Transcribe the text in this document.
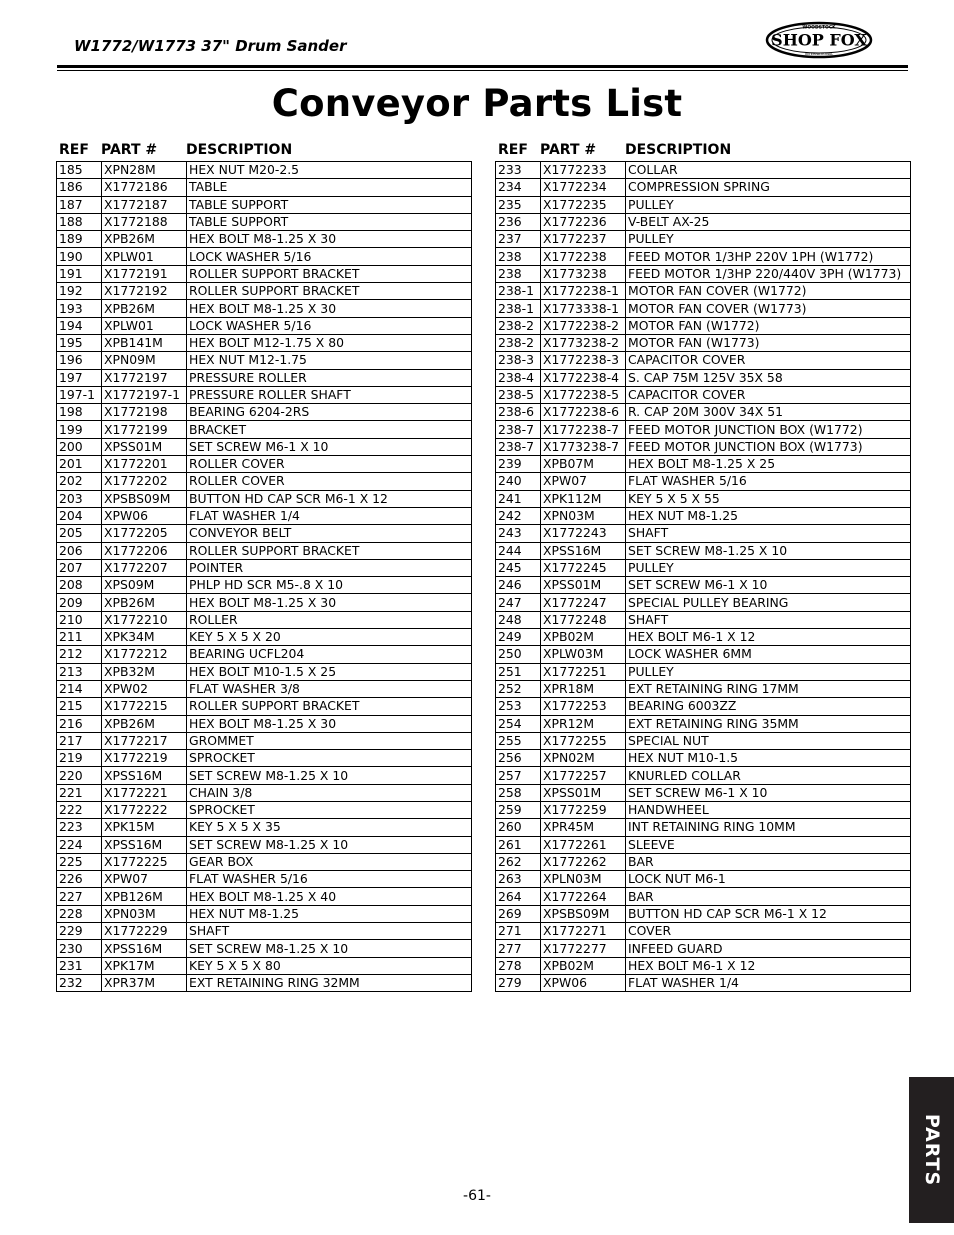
W1772/W1773 37" Drum Sander
WOODSTOCK
SHOP FOX
INTERNATIONAL
Conveyor Parts List
REF PART #	DESCRIPTION
185	XPN28M	HEX NUT M20-2.5
186	X1772186	TABLE
187	X1772187	TABLE SUPPORT
188	X1772188	TABLE SUPPORT
189	XPB26M	HEX BOLT M8-1.25 X 30
190	XPLW01	LOCK WASHER 5/16
191	X1772191	ROLLER SUPPORT BRACKET
192	X1772192	ROLLER SUPPORT BRACKET
193	XPB26M	HEX BOLT M8-1.25 X 30
194	XPLW01	LOCK WASHER 5/16
195	XPB141M	HEX BOLT M12-1.75 X 80
196	XPN09M	HEX NUT M12-1.75
197	X1772197	PRESSURE ROLLER
197-1	X1772197-1	PRESSURE ROLLER SHAFT
198	X1772198	BEARING 6204-2RS
199	X1772199	BRACKET
200	XPSS01M	SET SCREW M6-1 X 10
201	X1772201	ROLLER COVER
202	X1772202	ROLLER COVER
203	XPSBS09M	BUTTON HD CAP SCR M6-1 X 12
204	XPW06	FLAT WASHER 1/4
205	X1772205	CONVEYOR BELT
206	X1772206	ROLLER SUPPORT BRACKET
207	X1772207	POINTER
208	XPS09M	PHLP HD SCR M5-.8 X 10
209	XPB26M	HEX BOLT M8-1.25 X 30
210	X1772210	ROLLER
211	XPK34M	KEY 5 X 5 X 20
212	X1772212	BEARING UCFL204
213	XPB32M	HEX BOLT M10-1.5 X 25
214	XPW02	FLAT WASHER 3/8
215	X1772215	ROLLER SUPPORT BRACKET
216	XPB26M	HEX BOLT M8-1.25 X 30
217	X1772217	GROMMET
219	X1772219	SPROCKET
220	XPSS16M	SET SCREW M8-1.25 X 10
221	X1772221	CHAIN 3/8
222	X1772222	SPROCKET
223	XPK15M	KEY 5 X 5 X 35
224	XPSS16M	SET SCREW M8-1.25 X 10
225	X1772225	GEAR BOX
226	XPW07	FLAT WASHER 5/16
227	XPB126M	HEX BOLT M8-1.25 X 40
228	XPN03M	HEX NUT M8-1.25
229	X1772229	SHAFT
230	XPSS16M	SET SCREW M8-1.25 X 10
231	XPK17M	KEY 5 X 5 X 80
232	XPR37M	EXT RETAINING RING 32MM
REF PART #	DESCRIPTION
233	X1772233	COLLAR
234	X1772234	COMPRESSION SPRING
235	X1772235	PULLEY
236	X1772236	V-BELT AX-25
237	X1772237	PULLEY
238	X1772238	FEED MOTOR 1/3HP 220V 1PH (W1772)
238	X1773238	FEED MOTOR 1/3HP 220/440V 3PH (W1773)
238-1	X1772238-1	MOTOR FAN COVER (W1772)
238-1	X1773338-1	MOTOR FAN COVER (W1773)
238-2	X1772238-2	MOTOR FAN (W1772)
238-2	X1773238-2	MOTOR FAN (W1773)
238-3	X1772238-3	CAPACITOR COVER
238-4	X1772238-4	S. CAP 75M 125V 35X 58
238-5	X1772238-5	CAPACITOR COVER
238-6	X1772238-6	R. CAP 20M 300V 34X 51
238-7	X1772238-7	FEED MOTOR JUNCTION BOX (W1772)
238-7	X1773238-7	FEED MOTOR JUNCTION BOX (W1773)
239	XPB07M	HEX BOLT M8-1.25 X 25
240	XPW07	FLAT WASHER 5/16
241	XPK112M	KEY 5 X 5 X 55
242	XPN03M	HEX NUT M8-1.25
243	X1772243	SHAFT
244	XPSS16M	SET SCREW M8-1.25 X 10
245	X1772245	PULLEY
246	XPSS01M	SET SCREW M6-1 X 10
247	X1772247	SPECIAL PULLEY BEARING
248	X1772248	SHAFT
249	XPB02M	HEX BOLT M6-1 X 12
250	XPLW03M	LOCK WASHER 6MM
251	X1772251	PULLEY
252	XPR18M	EXT RETAINING RING 17MM
253	X1772253	BEARING 6003ZZ
254	XPR12M	EXT RETAINING RING 35MM
255	X1772255	SPECIAL NUT
256	XPN02M	HEX NUT M10-1.5
257	X1772257	KNURLED COLLAR
258	XPSS01M	SET SCREW M6-1 X 10
259	X1772259	HANDWHEEL
260	XPR45M	INT RETAINING RING 10MM
261	X1772261	SLEEVE
262	X1772262	BAR
263	XPLN03M	LOCK NUT M6-1
264	X1772264	BAR
269	XPSBS09M	BUTTON HD CAP SCR M6-1 X 12
271	X1772271	COVER
277	X1772277	INFEED GUARD
278	XPB02M	HEX BOLT M6-1 X 12
279	XPW06	FLAT WASHER 1/4
PARTS
-61-
